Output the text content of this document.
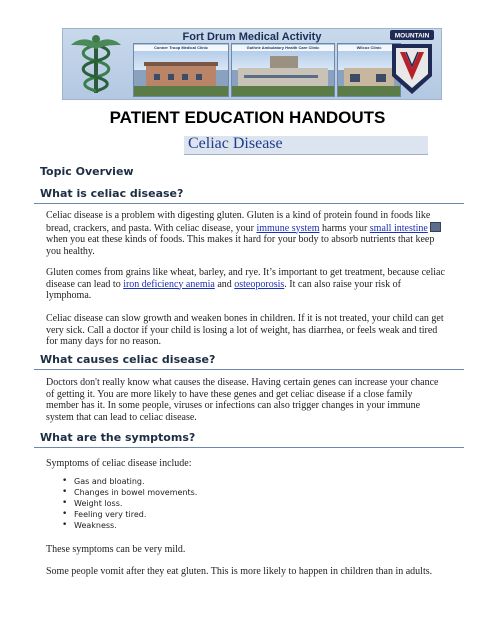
Fort Drum Medical Activity
Conner Troop Medical Clinic	Guthrie Ambulatory Health Care Clinic	Wilcox Clinic
MOUNTAIN
PATIENT EDUCATION HANDOUTS
Celiac Disease
Topic Overview
What is celiac disease?
Celiac disease is a problem with digesting gluten. Gluten is a kind of protein found in foods like bread, crackers, and pasta. With celiac disease, your immune system harms your small intestinewhen you eat these kinds of foods. This makes it hard for your body to absorb nutrients that keep you healthy.
Gluten comes from grains like wheat, barley, and rye. It’s important to get treatment, because celiac disease can lead to iron deficiency anemia and osteoporosis. It can also raise your risk of lymphoma.
Celiac disease can slow growth and weaken bones in children. If it is not treated, your child can get very sick. Call a doctor if your child is losing a lot of weight, has diarrhea, or feels weak and tired for many days for no reason.
What causes celiac disease?
Doctors don't really know what causes the disease. Having certain genes can increase your chance of getting it. You are more likely to have these genes and get celiac disease if a close family member has it. In some people, viruses or infections can also trigger changes in your immune system that can lead to celiac disease.
What are the symptoms?
Symptoms of celiac disease include:
• Gas and bloating.
• Changes in bowel movements.
• Weight loss.
• Feeling very tired.
• Weakness.
These symptoms can be very mild.
Some people vomit after they eat gluten. This is more likely to happen in children than in adults.
